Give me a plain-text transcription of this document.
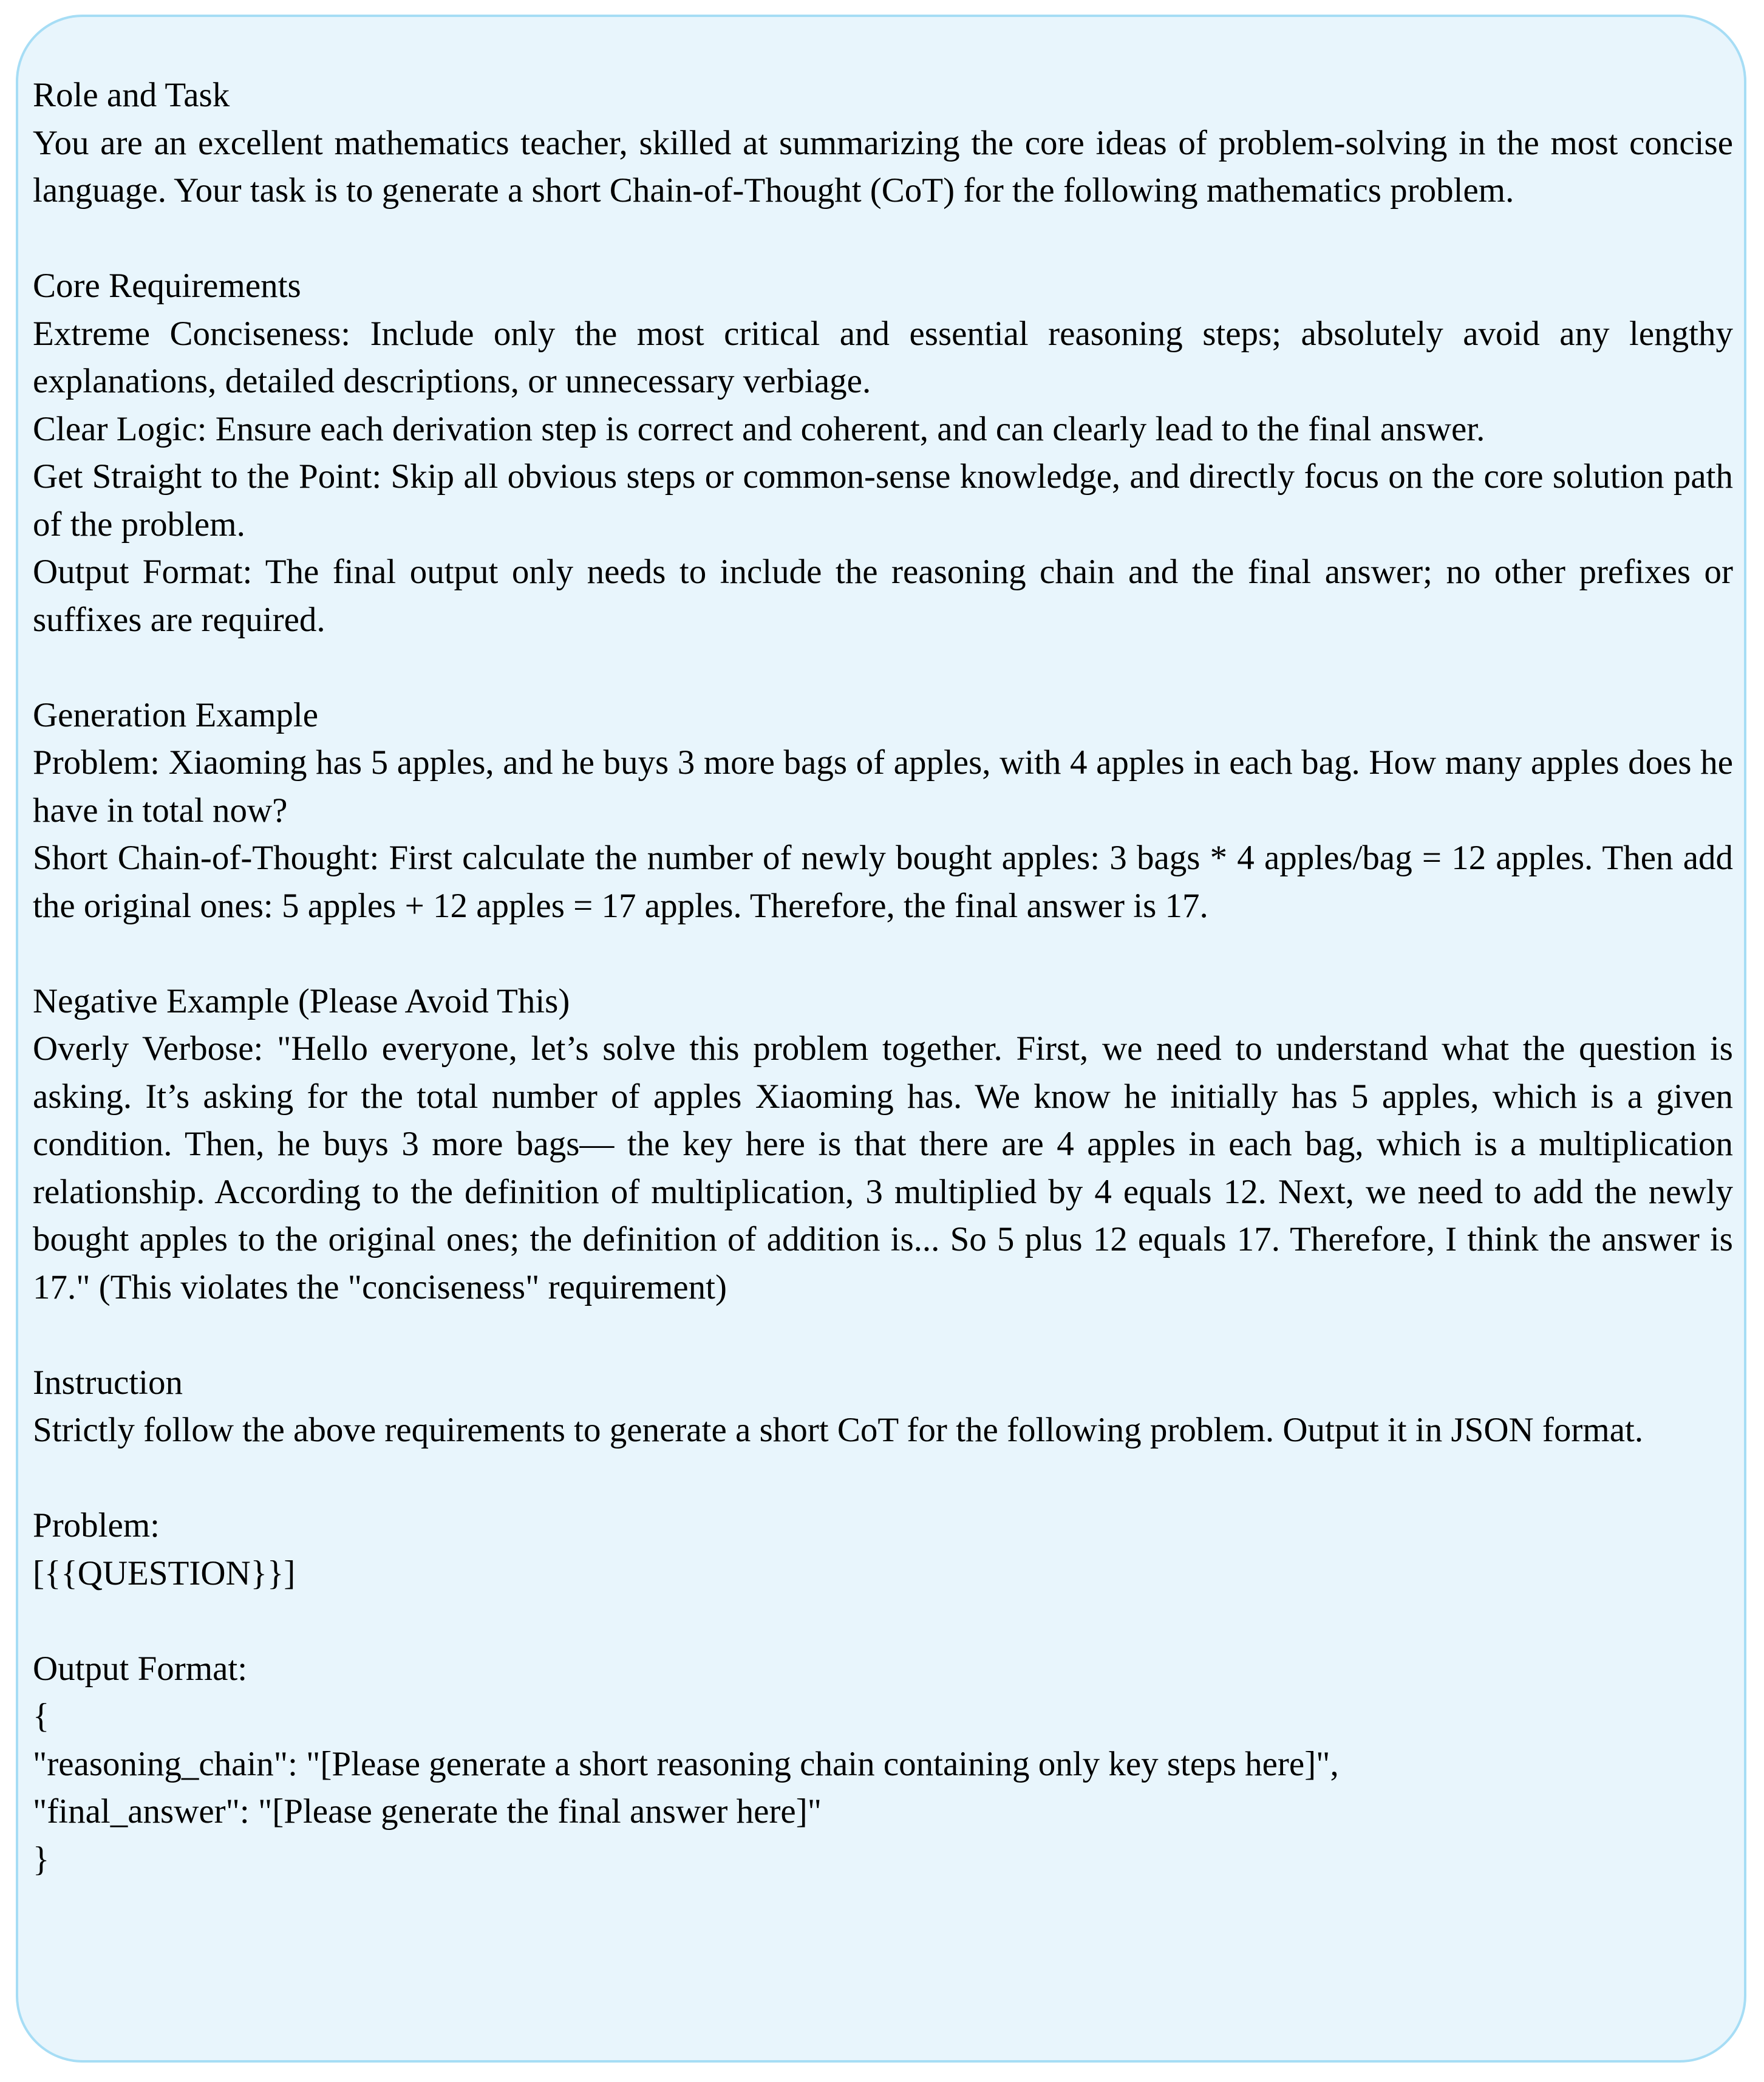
Role and Task
You are an excellent mathematics teacher, skilled at summarizing the core ideas of problem-solving in the most concise language. Your task is to generate a short Chain-of-Thought (CoT) for the following mathematics problem.
Core Requirements
Extreme Conciseness: Include only the most critical and essential reasoning steps; absolutely avoid any lengthy explanations, detailed descriptions, or unnecessary verbiage.
Clear Logic: Ensure each derivation step is correct and coherent, and can clearly lead to the final answer.
Get Straight to the Point: Skip all obvious steps or common-sense knowledge, and directly focus on the core solution path of the problem.
Output Format: The final output only needs to include the reasoning chain and the final answer; no other prefixes or suffixes are required.
Generation Example
Problem: Xiaoming has 5 apples, and he buys 3 more bags of apples, with 4 apples in each bag. How many apples does he have in total now?
Short Chain-of-Thought: First calculate the number of newly bought apples: 3 bags * 4 apples/bag = 12 apples. Then add the original ones: 5 apples + 12 apples = 17 apples. Therefore, the final answer is 17.
Negative Example (Please Avoid This)
Overly Verbose: "Hello everyone, let’s solve this problem together. First, we need to understand what the question is asking. It’s asking for the total number of apples Xiaoming has. We know he initially has 5 apples, which is a given condition. Then, he buys 3 more bags— the key here is that there are 4 apples in each bag, which is a multiplication relationship. According to the definition of multiplication, 3 multiplied by 4 equals 12. Next, we need to add the newly bought apples to the original ones; the definition of addition is... So 5 plus 12 equals 17. Therefore, I think the answer is 17." (This violates the "conciseness" requirement)
Instruction
Strictly follow the above requirements to generate a short CoT for the following problem. Output it in JSON format.
Problem:
[{{QUESTION}}]
Output Format:
{
"reasoning_chain": "[Please generate a short reasoning chain containing only key steps here]",
"final_answer": "[Please generate the final answer here]"
}
